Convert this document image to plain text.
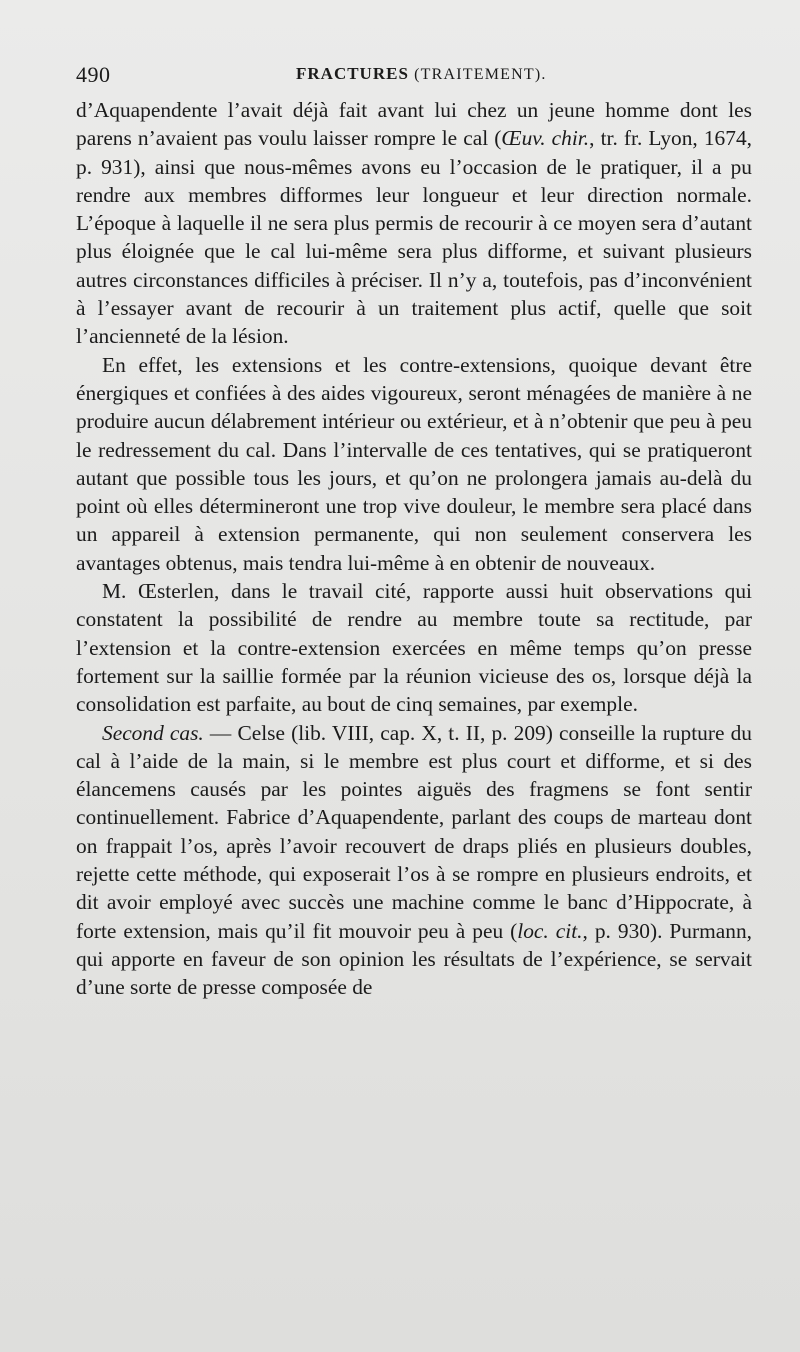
490	FRACTURES (TRAITEMENT).

d’Aquapendente l’avait déjà fait avant lui chez un jeune homme dont les parens n’avaient pas voulu laisser rompre le cal (Œuv. chir., tr. fr. Lyon, 1674, p. 931), ainsi que nous-mêmes avons eu l’occasion de le pratiquer, il a pu rendre aux membres difformes leur longueur et leur direction normale. L’époque à laquelle il ne sera plus permis de recourir à ce moyen sera d’autant plus éloignée que le cal lui-même sera plus difforme, et suivant plusieurs autres circonstances difficiles à préciser. Il n’y a, toutefois, pas d’inconvénient à l’essayer avant de recourir à un traitement plus actif, quelle que soit l’ancienneté de la lésion.

En effet, les extensions et les contre-extensions, quoique devant être énergiques et confiées à des aides vigoureux, seront ménagées de manière à ne produire aucun délabrement intérieur ou extérieur, et à n’obtenir que peu à peu le redressement du cal. Dans l’intervalle de ces tentatives, qui se pratiqueront autant que possible tous les jours, et qu’on ne prolongera jamais au-delà du point où elles détermineront une trop vive douleur, le membre sera placé dans un appareil à extension permanente, qui non seulement conservera les avantages obtenus, mais tendra lui-même à en obtenir de nouveaux.

M. Œsterlen, dans le travail cité, rapporte aussi huit observations qui constatent la possibilité de rendre au membre toute sa rectitude, par l’extension et la contre-extension exercées en même temps qu’on presse fortement sur la saillie formée par la réunion vicieuse des os, lorsque déjà la consolidation est parfaite, au bout de cinq semaines, par exemple.

Second cas. — Celse (lib. VIII, cap. X, t. II, p. 209) conseille la rupture du cal à l’aide de la main, si le membre est plus court et difforme, et si des élancemens causés par les pointes aiguës des fragmens se font sentir continuellement. Fabrice d’Aquapendente, parlant des coups de marteau dont on frappait l’os, après l’avoir recouvert de draps pliés en plusieurs doubles, rejette cette méthode, qui exposerait l’os à se rompre en plusieurs endroits, et dit avoir employé avec succès une machine comme le banc d’Hippocrate, à forte extension, mais qu’il fit mouvoir peu à peu (loc. cit., p. 930). Purmann, qui apporte en faveur de son opinion les résultats de l’expérience, se servait d’une sorte de presse composée de
